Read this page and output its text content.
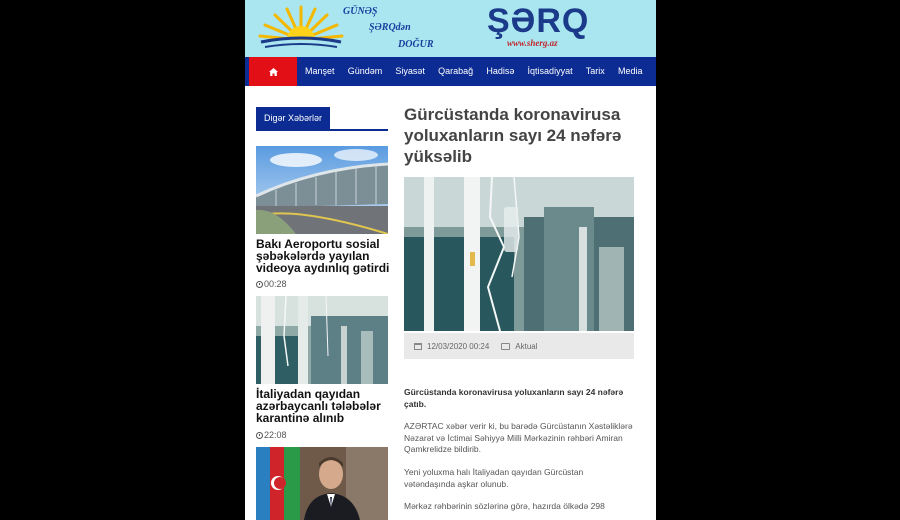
GÜNƏŞ
ŞƏRQdən
DOĞUR
ŞƏRQ
www.sherg.az
Manşet	Gündəm	Siyasət	Qarabağ	Hadisə	İqtisadiyyat	Tarix	Media
Digər Xəbərlər
Bakı Aeroportu sosial şəbəkələrdə yayılan videoya aydınlıq gətirdi
00:28
İtaliyadan qayıdan azərbaycanlı tələbələr karantinə alınıb
22:08
Gürcüstanda koronavirusa yoluxanların sayı 24 nəfərə yüksəlib
12/03/2020 00:24	Aktual
Gürcüstanda koronavirusa yoluxanların sayı 24 nəfərə çatıb.
AZƏRTAC xəbər verir ki, bu barədə Gürcüstanın Xəstəliklərə Nəzarət və İctimai Səhiyyə Milli Mərkəzinin rəhbəri Amiran Qamkrelidze bildirib.
Yeni yoluxma halı İtaliyadan qayıdan Gürcüstan vətəndaşında aşkar olunub.
Mərkəz rəhbərinin sözlərinə görə, hazırda ölkədə 298
